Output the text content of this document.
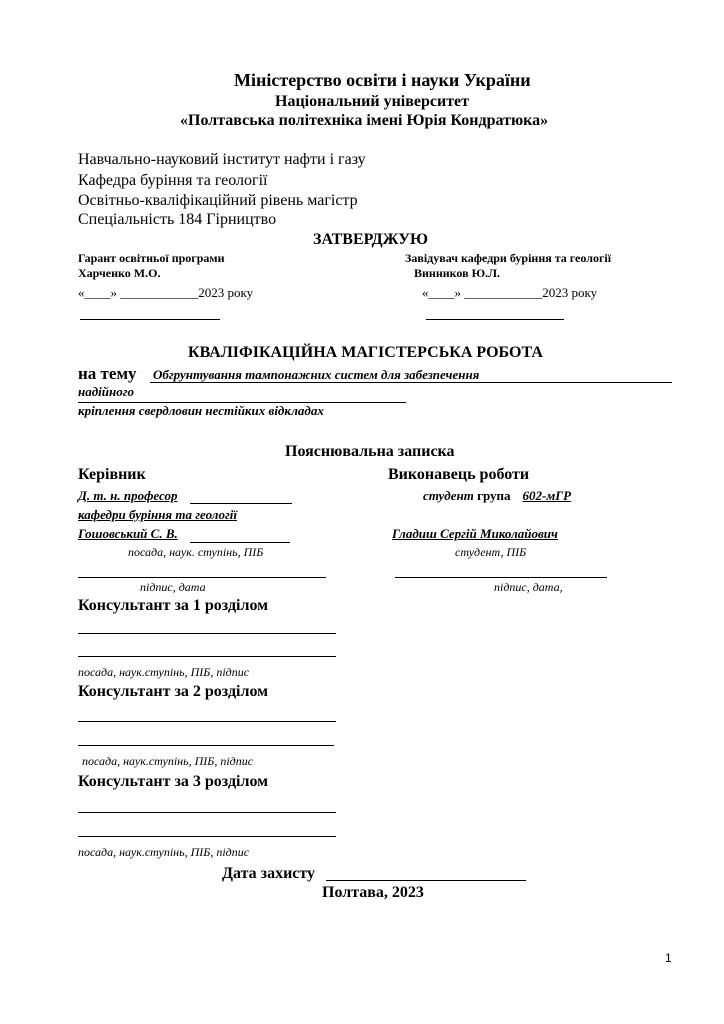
Міністерство освіти і науки України
Національний університет
«Полтавська політехніка імені Юрія Кондратюка»
Навчально-науковий інститут нафти і газу
Кафедра буріння та геології
Освітньо-кваліфікаційний рівень магістр
Спеціальність 184 Гірництво
ЗАТВЕРДЖУЮ
Гарант освітньої програми
Харченко М.О.
«____» ____________2023 року
Завідувач кафедри буріння та геології
Винников Ю.Л.
«____» ____________2023 року
КВАЛІФІКАЦІЙНА МАГІСТЕРСЬКА РОБОТА
на тему Обгрунтування тампонажних систем для забезпечення
надійного
кріплення свердловин нестійких відкладах
Пояснювальна записка
Керівник
Д. т. н. професор
кафедри буріння та геології
Гошовський С. В.
посада, наук. ступінь, ПІБ
підпис, дата
Виконавець роботи
студент група 602-мГР
Гладиш Сергій Миколайович
студент, ПІБ
підпис, дата,
Консультант за 1 розділом
посада, наук.ступінь, ПІБ, підпис
Консультант за 2 розділом
посада, наук.ступінь, ПІБ, підпис
Консультант за 3 розділом
посада, наук.ступінь, ПІБ, підпис
Дата захисту
Полтава, 2023
1
